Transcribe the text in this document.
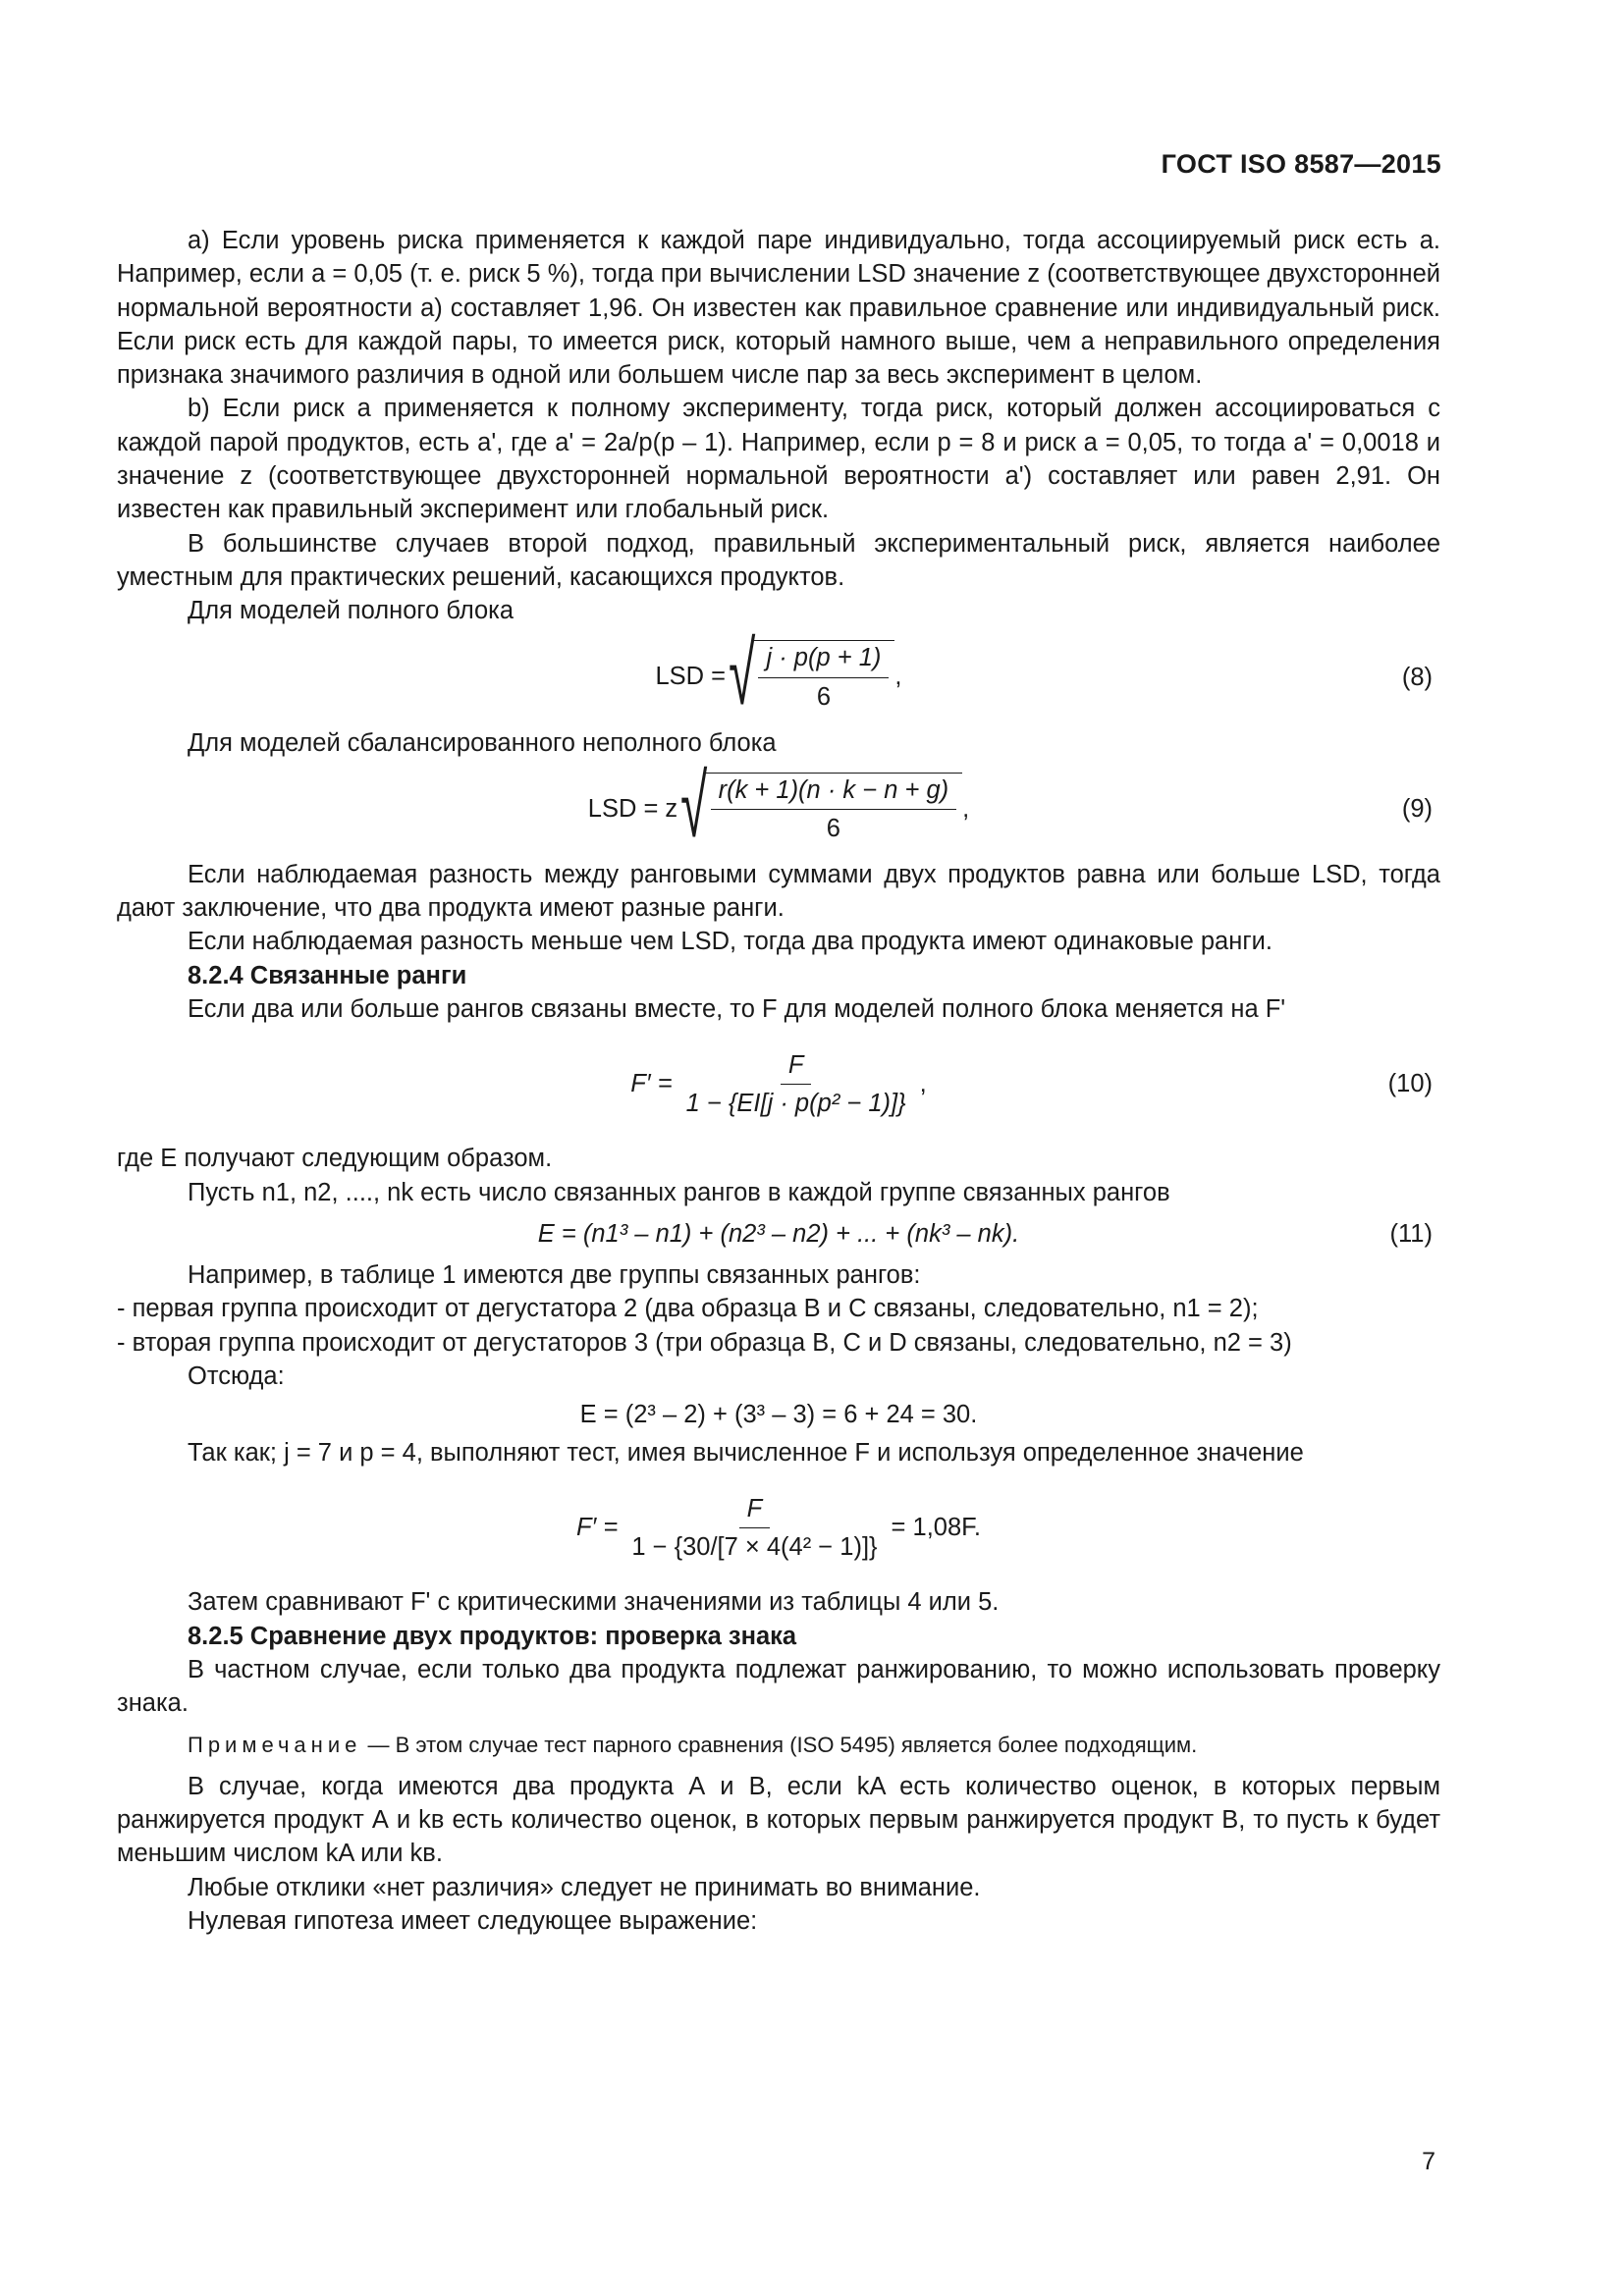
ГОСТ ISO 8587—2015

а) Если уровень риска применяется к каждой паре индивидуально, тогда ассоциируемый риск есть а. Например, если а = 0,05 (т. е. риск 5 %), тогда при вычислении LSD значение z (соответствующее двухсторонней нормальной вероятности а) составляет 1,96. Он известен как правильное сравнение или индивидуальный риск. Если риск есть для каждой пары, то имеется риск, который намного выше, чем а неправильного определения признака значимого различия в одной или большем числе пар за весь эксперимент в целом.

b) Если риск а применяется к полному эксперименту, тогда риск, который должен ассоциироваться с каждой парой продуктов, есть а', где а' = 2а/р(р – 1). Например, если р = 8 и риск а = 0,05, то тогда а' = 0,0018 и значение z (соответствующее двухсторонней нормальной вероятности а') составляет или равен 2,91. Он известен как правильный эксперимент или глобальный риск.

В большинстве случаев второй подход, правильный экспериментальный риск, является наиболее уместным для практических решений, касающихся продуктов.

Для моделей полного блока

LSD = √ $\frac{j \cdot p(p + 1)}{6}$ ,	(8)

Для моделей сбалансированного неполного блока

LSD = z √ $\frac{r(k + 1)(n \cdot k - n + g)}{6}$ ,	(9)

Если наблюдаемая разность между ранговыми суммами двух продуктов равна или больше LSD, тогда дают заключение, что два продукта имеют разные ранги.

Если наблюдаемая разность меньше чем LSD, тогда два продукта имеют одинаковые ранги.

8.2.4 Связанные ранги

Если два или больше рангов связаны вместе, то F для моделей полного блока меняется на F'

$F' = \frac{F}{\text{1 − \{EI[j · p(p² − 1)]\}}}$ ,	(10)

где E получают следующим образом.

Пусть n1, n2, ...., nk есть число связанных рангов в каждой группе связанных рангов

E = (n1³ – n1) + (n2³ – n2) + ... + (nk³ – nk).	(11)

Например, в таблице 1 имеются две группы связанных рангов:

- первая группа происходит от дегустатора 2 (два образца B и C связаны, следовательно, n1 = 2);

- вторая группа происходит от дегустаторов 3 (три образца B, C и D связаны, следовательно, n2 = 3)

Отсюда:

E = (2³ – 2) + (3³ – 3) = 6 + 24 = 30.

Так как; j = 7 и p = 4, выполняют тест, имея вычисленное F и используя определенное значение

$F' = \frac{F}{\text{1 − \{30/[7 × 4(4² − 1)]\}}} = 1,08F$.

Затем сравнивают F' с критическими значениями из таблицы 4 или 5.

8.2.5 Сравнение двух продуктов: проверка знака

В частном случае, если только два продукта подлежат ранжированию, то можно использовать проверку знака.

Примечание — В этом случае тест парного сравнения (ISO 5495) является более подходящим.

В случае, когда имеются два продукта А и В, если kA есть количество оценок, в которых первым ранжируется продукт А и kв есть количество оценок, в которых первым ранжируется продукт В, то пусть к будет меньшим числом kA или kв.

Любые отклики «нет различия» следует не принимать во внимание.

Нулевая гипотеза имеет следующее выражение:

7
